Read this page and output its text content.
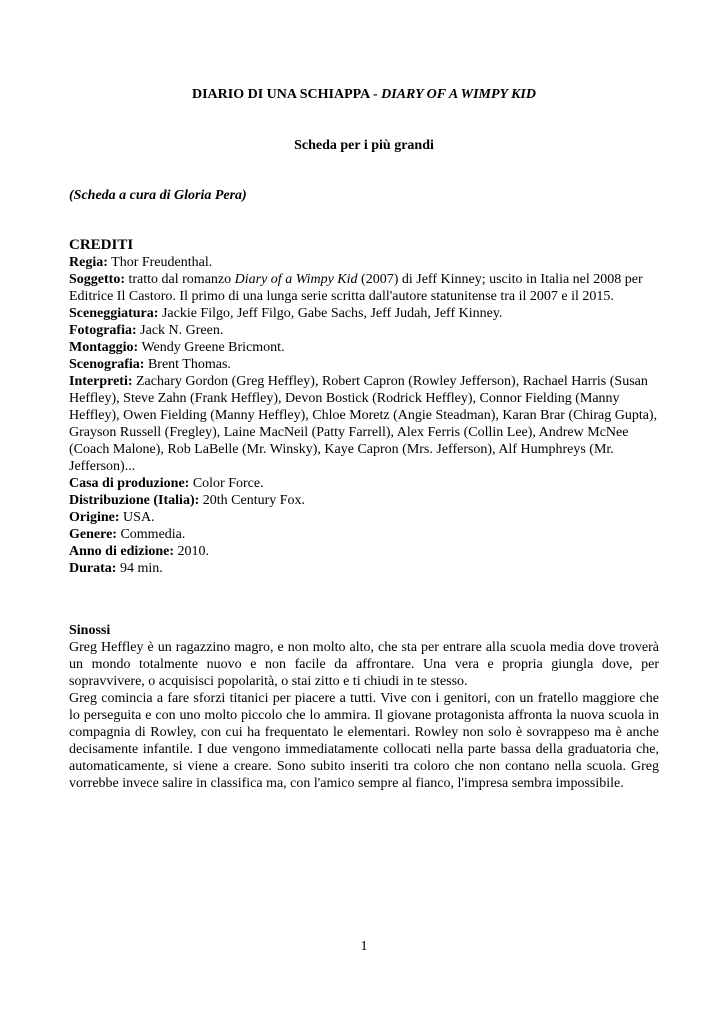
DIARIO DI UNA SCHIAPPA - DIARY OF A WIMPY KID

Scheda per i più grandi

(Scheda a cura di Gloria Pera)

CREDITI

Regia: Thor Freudenthal.

Soggetto: tratto dal romanzo Diary of a Wimpy Kid (2007) di Jeff Kinney; uscito in Italia nel 2008 per Editrice Il Castoro. Il primo di una lunga serie scritta dall'autore statunitense tra il 2007 e il 2015.

Sceneggiatura: Jackie Filgo, Jeff Filgo, Gabe Sachs, Jeff Judah, Jeff Kinney.

Fotografia: Jack N. Green.

Montaggio: Wendy Greene Bricmont.

Scenografia: Brent Thomas.

Interpreti: Zachary Gordon (Greg Heffley), Robert Capron (Rowley Jefferson), Rachael Harris (Susan Heffley), Steve Zahn (Frank Heffley), Devon Bostick (Rodrick Heffley), Connor Fielding (Manny Heffley), Owen Fielding (Manny Heffley), Chloe Moretz (Angie Steadman), Karan Brar (Chirag Gupta), Grayson Russell (Fregley), Laine MacNeil (Patty Farrell), Alex Ferris (Collin Lee), Andrew McNee (Coach Malone), Rob LaBelle (Mr. Winsky), Kaye Capron (Mrs. Jefferson), Alf Humphreys (Mr. Jefferson)...

Casa di produzione: Color Force.

Distribuzione (Italia): 20th Century Fox.

Origine: USA.

Genere: Commedia.

Anno di edizione: 2010.

Durata: 94 min.

Sinossi

Greg Heffley è un ragazzino magro, e non molto alto, che sta per entrare alla scuola media dove troverà un mondo totalmente nuovo e non facile da affrontare. Una vera e propria giungla dove, per sopravvivere, o acquisisci popolarità, o stai zitto e ti chiudi in te stesso.

Greg comincia a fare sforzi titanici per piacere a tutti. Vive con i genitori, con un fratello maggiore che lo perseguita e con uno molto piccolo che lo ammira. Il giovane protagonista affronta la nuova scuola in compagnia di Rowley, con cui ha frequentato le elementari. Rowley non solo è sovrappeso ma è anche decisamente infantile. I due vengono immediatamente collocati nella parte bassa della graduatoria che, automaticamente, si viene a creare. Sono subito inseriti tra coloro che non contano nella scuola. Greg vorrebbe invece salire in classifica ma, con l'amico sempre al fianco, l'impresa sembra impossibile.

1
